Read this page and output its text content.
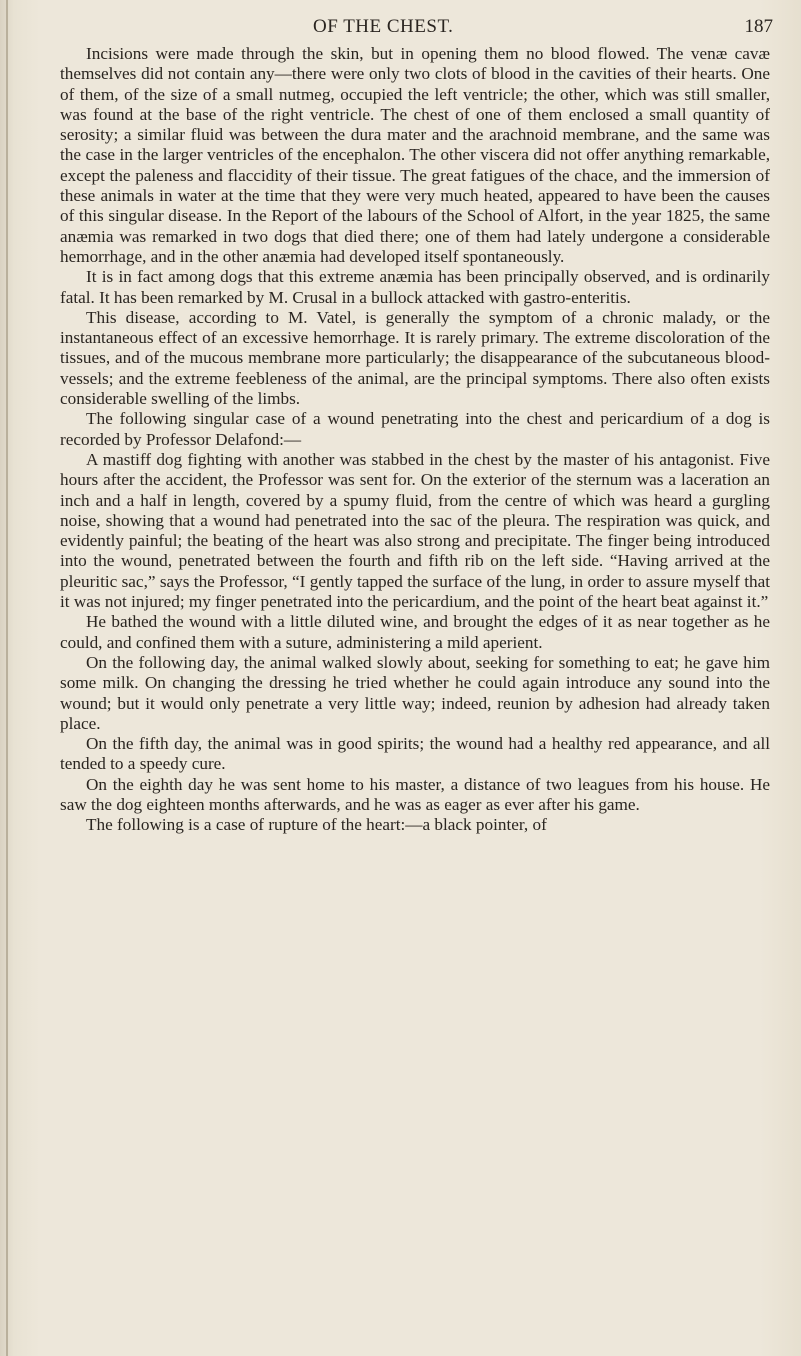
OF THE CHEST.	187

Incisions were made through the skin, but in opening them no blood flowed. The venæ cavæ themselves did not contain any—there were only two clots of blood in the cavities of their hearts. One of them, of the size of a small nutmeg, occupied the left ventricle; the other, which was still smaller, was found at the base of the right ventricle. The chest of one of them enclosed a small quantity of serosity; a similar fluid was between the dura mater and the arachnoid membrane, and the same was the case in the larger ventricles of the encephalon. The other viscera did not offer anything remarkable, except the paleness and flaccidity of their tissue. The great fatigues of the chace, and the immersion of these animals in water at the time that they were very much heated, appeared to have been the causes of this singular disease. In the Report of the labours of the School of Alfort, in the year 1825, the same anæmia was remarked in two dogs that died there; one of them had lately undergone a considerable hemorrhage, and in the other anæmia had developed itself spontaneously.

It is in fact among dogs that this extreme anæmia has been principally observed, and is ordinarily fatal. It has been remarked by M. Crusal in a bullock attacked with gastro-enteritis.

This disease, according to M. Vatel, is generally the symptom of a chronic malady, or the instantaneous effect of an excessive hemorrhage. It is rarely primary. The extreme discoloration of the tissues, and of the mucous membrane more particularly; the disappearance of the subcutaneous blood-vessels; and the extreme feebleness of the animal, are the principal symptoms. There also often exists considerable swelling of the limbs.

The following singular case of a wound penetrating into the chest and pericardium of a dog is recorded by Professor Delafond:—

A mastiff dog fighting with another was stabbed in the chest by the master of his antagonist. Five hours after the accident, the Professor was sent for. On the exterior of the sternum was a laceration an inch and a half in length, covered by a spumy fluid, from the centre of which was heard a gurgling noise, showing that a wound had penetrated into the sac of the pleura. The respiration was quick, and evidently painful; the beating of the heart was also strong and precipitate. The finger being introduced into the wound, penetrated between the fourth and fifth rib on the left side. “Having arrived at the pleuritic sac,” says the Professor, “I gently tapped the surface of the lung, in order to assure myself that it was not injured; my finger penetrated into the pericardium, and the point of the heart beat against it.”

He bathed the wound with a little diluted wine, and brought the edges of it as near together as he could, and confined them with a suture, administering a mild aperient.

On the following day, the animal walked slowly about, seeking for something to eat; he gave him some milk. On changing the dressing he tried whether he could again introduce any sound into the wound; but it would only penetrate a very little way; indeed, reunion by adhesion had already taken place.

On the fifth day, the animal was in good spirits; the wound had a healthy red appearance, and all tended to a speedy cure.

On the eighth day he was sent home to his master, a distance of two leagues from his house. He saw the dog eighteen months afterwards, and he was as eager as ever after his game.

The following is a case of rupture of the heart:—a black pointer, of
